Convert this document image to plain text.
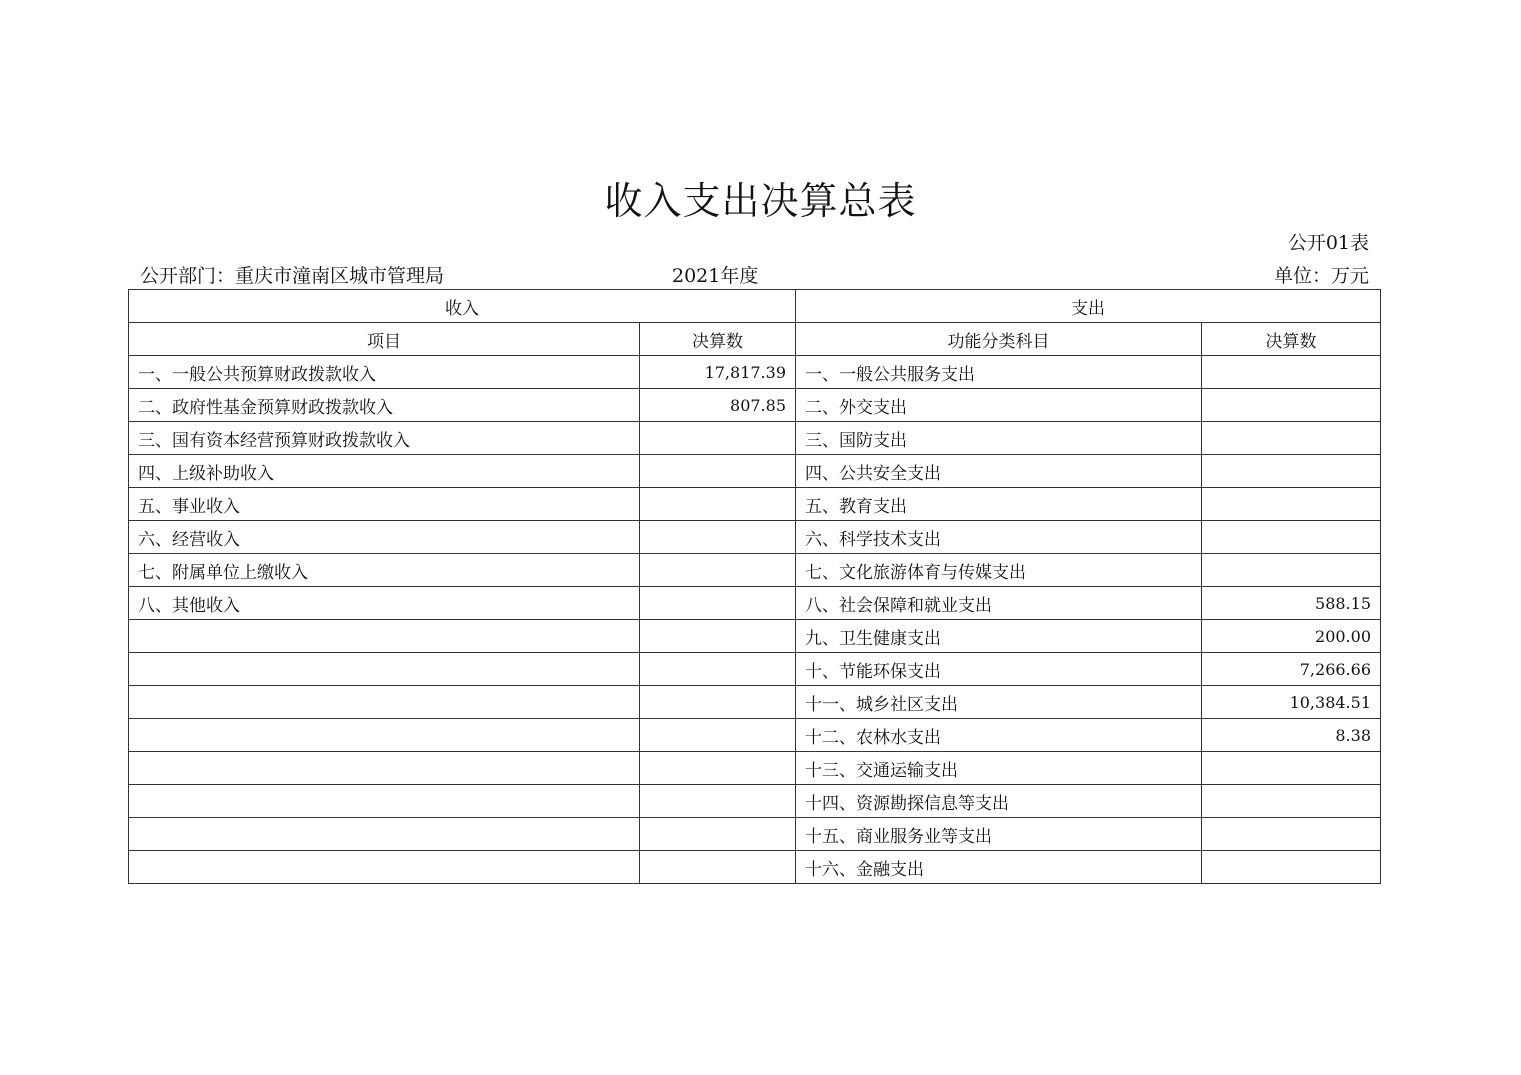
收入支出决算总表
公开01表
公开部门：重庆市潼南区城市管理局	2021年度	单位：万元
收入		支出	
项目	决算数	功能分类科目	决算数
一、一般公共预算财政拨款收入	17,817.39	一、一般公共服务支出	
二、政府性基金预算财政拨款收入	807.85	二、外交支出	
三、国有资本经营预算财政拨款收入		三、国防支出	
四、上级补助收入		四、公共安全支出	
五、事业收入		五、教育支出	
六、经营收入		六、科学技术支出	
七、附属单位上缴收入		七、文化旅游体育与传媒支出	
八、其他收入		八、社会保障和就业支出	588.15
		九、卫生健康支出	200.00
		十、节能环保支出	7,266.66
		十一、城乡社区支出	10,384.51
		十二、农林水支出	8.38
		十三、交通运输支出	
		十四、资源勘探信息等支出	
		十五、商业服务业等支出	
		十六、金融支出	
